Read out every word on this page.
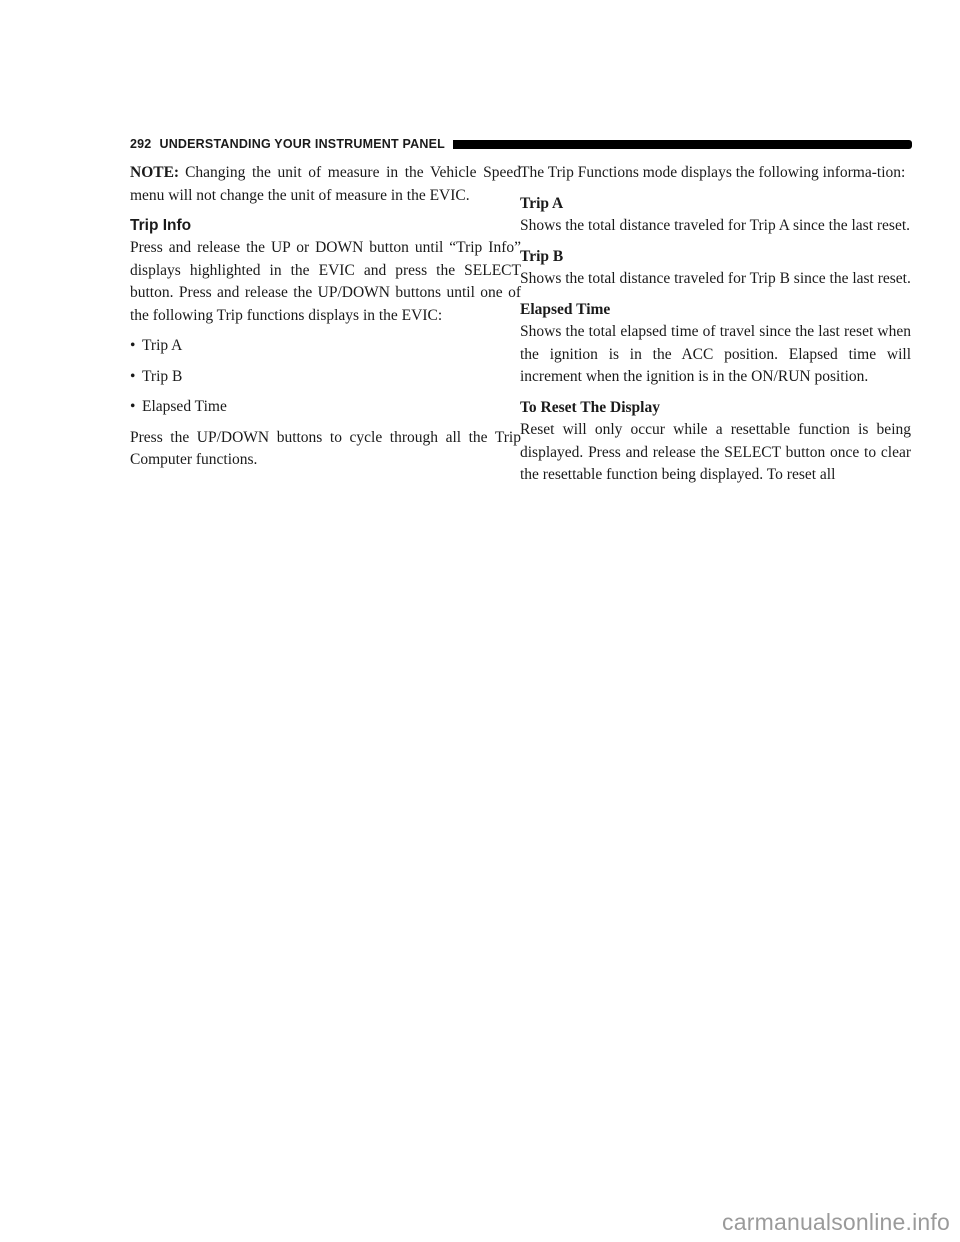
292 UNDERSTANDING YOUR INSTRUMENT PANEL

NOTE: Changing the unit of measure in the Vehicle Speed menu will not change the unit of measure in the EVIC.

Trip Info

Press and release the UP or DOWN button until “Trip Info” displays highlighted in the EVIC and press the SELECT button. Press and release the UP/DOWN buttons until one of the following Trip functions displays in the EVIC:

• Trip A
• Trip B
• Elapsed Time

Press the UP/DOWN buttons to cycle through all the Trip Computer functions.

The Trip Functions mode displays the following informa-tion:

Trip A

Shows the total distance traveled for Trip A since the last reset.

Trip B

Shows the total distance traveled for Trip B since the last reset.

Elapsed Time

Shows the total elapsed time of travel since the last reset when the ignition is in the ACC position. Elapsed time will increment when the ignition is in the ON/RUN position.

To Reset The Display

Reset will only occur while a resettable function is being displayed. Press and release the SELECT button once to clear the resettable function being displayed. To reset all

carmanualsonline.info
